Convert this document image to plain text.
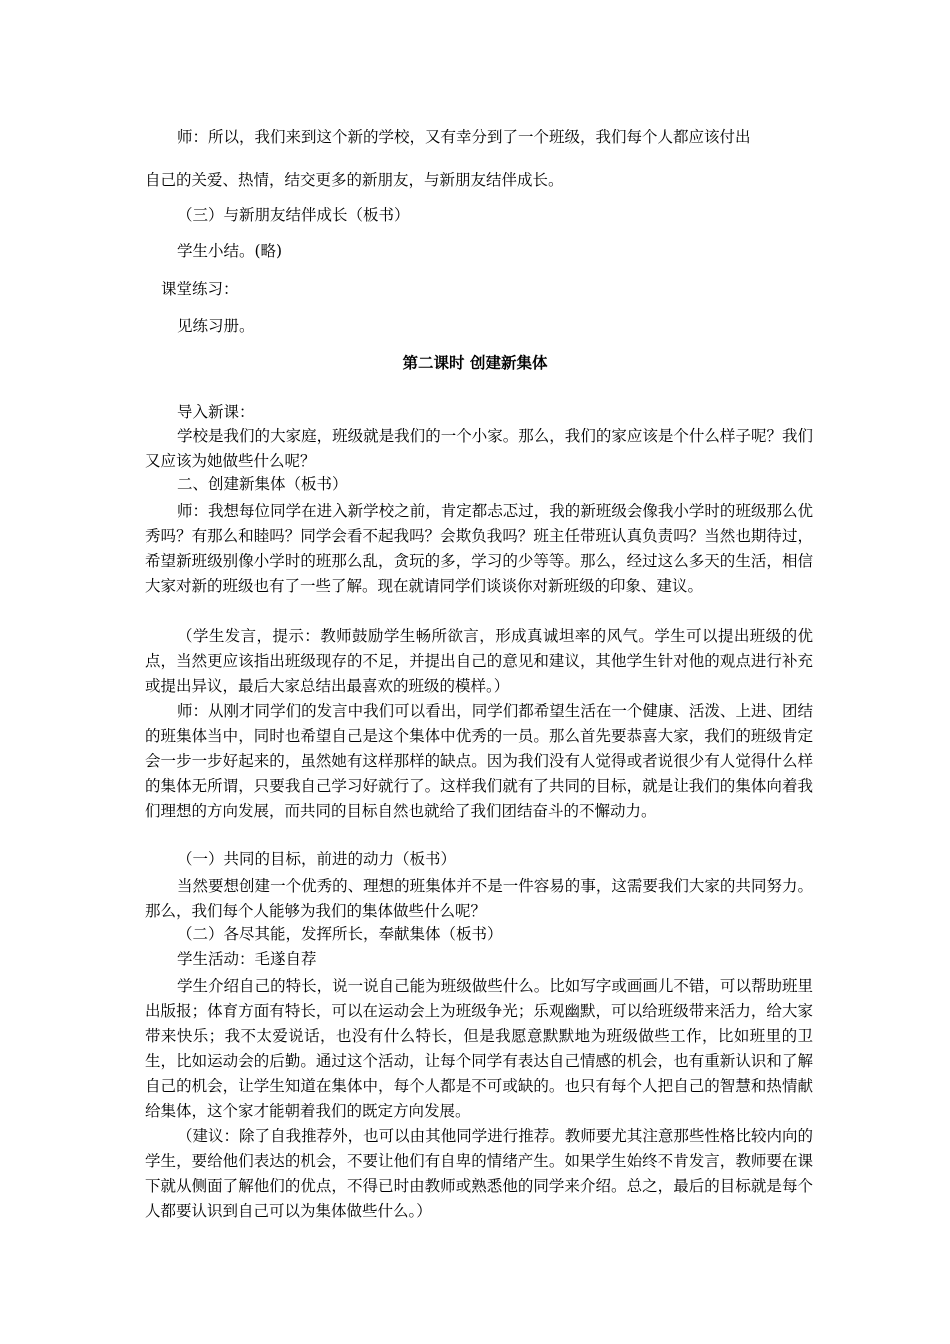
师：所以，我们来到这个新的学校，又有幸分到了一个班级，我们每个人都应该付出

自己的关爱、热情，结交更多的新朋友，与新朋友结伴成长。

（三）与新朋友结伴成长（板书）

学生小结。(略)

课堂练习：

见练习册。

第二课时 创建新集体

导入新课：

学校是我们的大家庭，班级就是我们的一个小家。那么，我们的家应该是个什么样子呢？我们又应该为她做些什么呢？

二、创建新集体（板书）

师：我想每位同学在进入新学校之前，肯定都忐忑过，我的新班级会像我小学时的班级那么优秀吗？有那么和睦吗？同学会看不起我吗？会欺负我吗？班主任带班认真负责吗？当然也期待过，希望新班级别像小学时的班那么乱，贪玩的多，学习的少等等。那么，经过这么多天的生活，相信大家对新的班级也有了一些了解。现在就请同学们谈谈你对新班级的印象、建议。

（学生发言，提示：教师鼓励学生畅所欲言，形成真诚坦率的风气。学生可以提出班级的优点，当然更应该指出班级现存的不足，并提出自己的意见和建议，其他学生针对他的观点进行补充或提出异议，最后大家总结出最喜欢的班级的模样。）

师：从刚才同学们的发言中我们可以看出，同学们都希望生活在一个健康、活泼、上进、团结的班集体当中，同时也希望自己是这个集体中优秀的一员。那么首先要恭喜大家，我们的班级肯定会一步一步好起来的，虽然她有这样那样的缺点。因为我们没有人觉得或者说很少有人觉得什么样的集体无所谓，只要我自己学习好就行了。这样我们就有了共同的目标，就是让我们的集体向着我们理想的方向发展，而共同的目标自然也就给了我们团结奋斗的不懈动力。

（一）共同的目标，前进的动力（板书）

当然要想创建一个优秀的、理想的班集体并不是一件容易的事，这需要我们大家的共同努力。那么，我们每个人能够为我们的集体做些什么呢？

（二）各尽其能，发挥所长，奉献集体（板书）

学生活动：毛遂自荐

学生介绍自己的特长，说一说自己能为班级做些什么。比如写字或画画儿不错，可以帮助班里出版报；体育方面有特长，可以在运动会上为班级争光；乐观幽默，可以给班级带来活力，给大家带来快乐；我不太爱说话，也没有什么特长，但是我愿意默默地为班级做些工作，比如班里的卫生，比如运动会的后勤。通过这个活动，让每个同学有表达自己情感的机会，也有重新认识和了解自己的机会，让学生知道在集体中，每个人都是不可或缺的。也只有每个人把自己的智慧和热情献给集体，这个家才能朝着我们的既定方向发展。

（建议：除了自我推荐外，也可以由其他同学进行推荐。教师要尤其注意那些性格比较内向的学生，要给他们表达的机会，不要让他们有自卑的情绪产生。如果学生始终不肯发言，教师要在课下就从侧面了解他们的优点，不得已时由教师或熟悉他的同学来介绍。总之，最后的目标就是每个人都要认识到自己可以为集体做些什么。）
